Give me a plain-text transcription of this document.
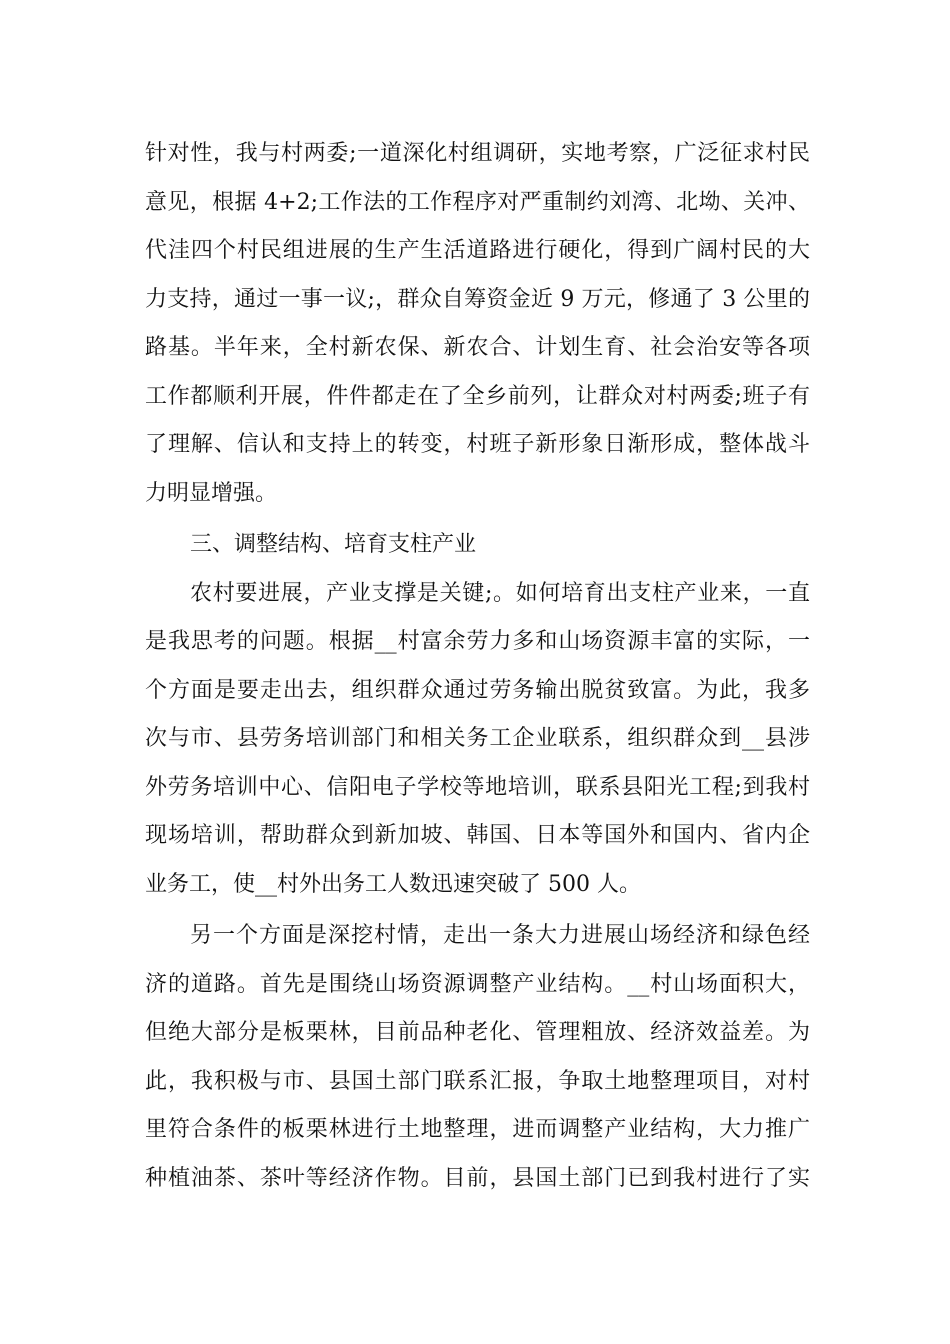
针对性，我与村两委;一道深化村组调研，实地考察，广泛征求村民
意见，根据 4+2;工作法的工作程序对严重制约刘湾、北坳、关冲、
代洼四个村民组进展的生产生活道路进行硬化，得到广阔村民的大
力支持，通过一事一议;，群众自筹资金近 9 万元，修通了 3 公里的
路基。半年来，全村新农保、新农合、计划生育、社会治安等各项
工作都顺利开展，件件都走在了全乡前列，让群众对村两委;班子有
了理解、信认和支持上的转变，村班子新形象日渐形成，整体战斗
力明显增强。
三、调整结构、培育支柱产业
农村要进展，产业支撑是关键;。如何培育出支柱产业来，一直
是我思考的问题。根据__村富余劳力多和山场资源丰富的实际，一
个方面是要走出去，组织群众通过劳务输出脱贫致富。为此，我多
次与市、县劳务培训部门和相关务工企业联系，组织群众到__县涉
外劳务培训中心、信阳电子学校等地培训，联系县阳光工程;到我村
现场培训，帮助群众到新加坡、韩国、日本等国外和国内、省内企
业务工，使__村外出务工人数迅速突破了 500 人。
另一个方面是深挖村情，走出一条大力进展山场经济和绿色经
济的道路。首先是围绕山场资源调整产业结构。__村山场面积大，
但绝大部分是板栗林，目前品种老化、管理粗放、经济效益差。为
此，我积极与市、县国土部门联系汇报，争取土地整理项目，对村
里符合条件的板栗林进行土地整理，进而调整产业结构，大力推广
种植油茶、茶叶等经济作物。目前，县国土部门已到我村进行了实
